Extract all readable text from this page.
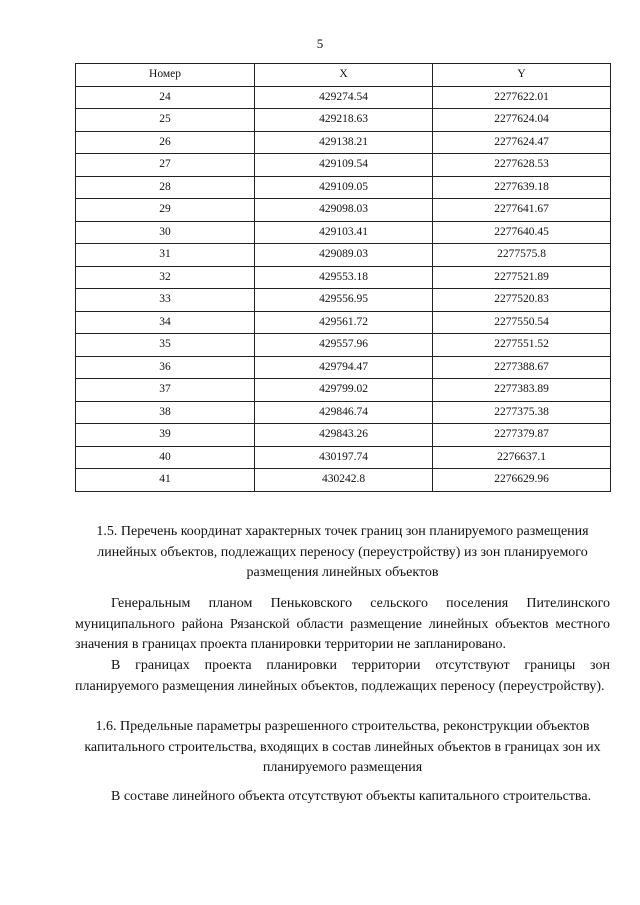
5
Номер	X	Y
24	429274.54	2277622.01
25	429218.63	2277624.04
26	429138.21	2277624.47
27	429109.54	2277628.53
28	429109.05	2277639.18
29	429098.03	2277641.67
30	429103.41	2277640.45
31	429089.03	2277575.8
32	429553.18	2277521.89
33	429556.95	2277520.83
34	429561.72	2277550.54
35	429557.96	2277551.52
36	429794.47	2277388.67
37	429799.02	2277383.89
38	429846.74	2277375.38
39	429843.26	2277379.87
40	430197.74	2276637.1
41	430242.8	2276629.96
1.5. Перечень координат характерных точек границ зон планируемого размещения линейных объектов, подлежащих переносу (переустройству) из зон планируемого размещения линейных объектов
Генеральным планом Пеньковского сельского поселения Пителинского муниципального района Рязанской области размещение линейных объектов местного значения в границах проекта планировки территории не запланировано.
В границах проекта планировки территории отсутствуют границы зон планируемого размещения линейных объектов, подлежащих переносу (переустройству).
1.6. Предельные параметры разрешенного строительства, реконструкции объектов капитального строительства, входящих в состав линейных объектов в границах зон их планируемого размещения
В составе линейного объекта отсутствуют объекты капитального строительства.
